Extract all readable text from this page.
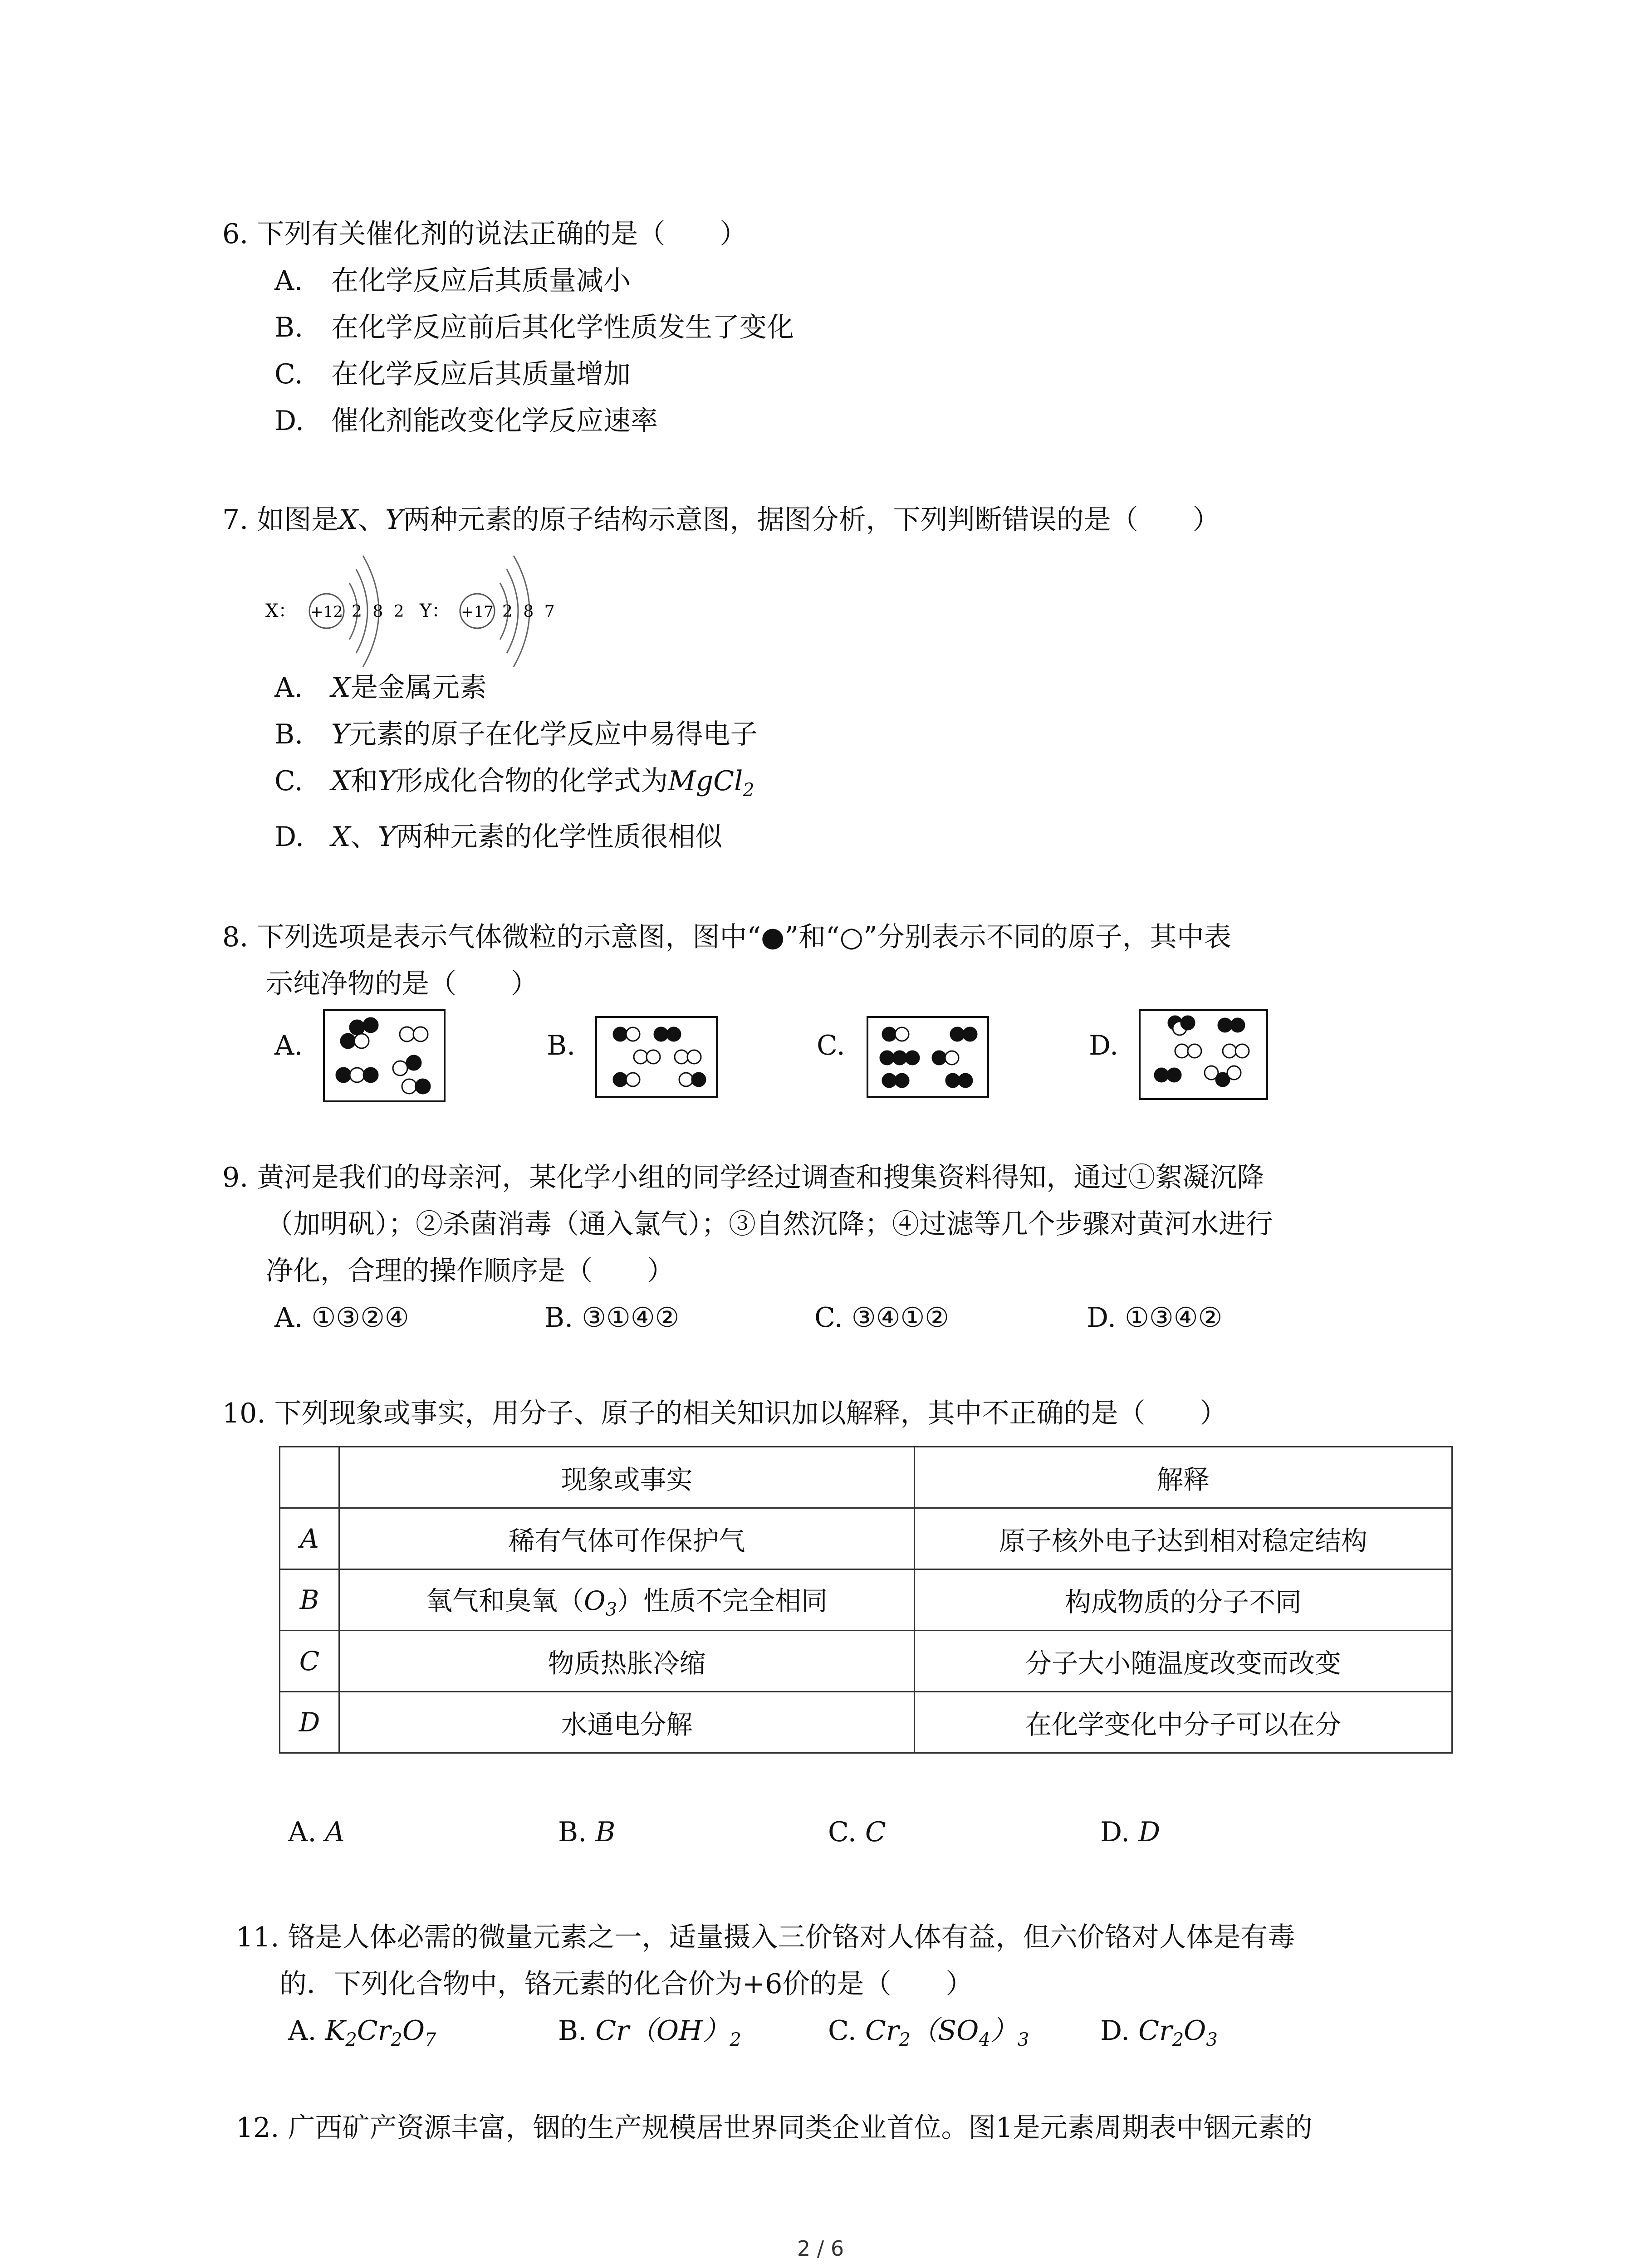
6. 下列有关催化剂的说法正确的是（　　）
A. 在化学反应后其质量减小
B. 在化学反应前后其化学性质发生了变化
C. 在化学反应后其质量增加
D. 催化剂能改变化学反应速率
7. 如图是X、Y两种元素的原子结构示意图，据图分析，下列判断错误的是（　　）
X： +12 2 8 2 Y： +17 2 8 7
A. X是金属元素
B. Y元素的原子在化学反应中易得电子
C. X和Y形成化合物的化学式为MgCl$_2$
D. X、Y两种元素的化学性质很相似
8. 下列选项是表示气体微粒的示意图，图中“●”和“○”分别表示不同的原子，其中表
示纯净物的是（　　）
A.	B.	C.	D.
9. 黄河是我们的母亲河，某化学小组的同学经过调查和搜集资料得知，通过①絮凝沉降
（加明矾）；②杀菌消毒（通入氯气）；③自然沉降；④过滤等几个步骤对黄河水进行
净化，合理的操作顺序是（　　）
A. ①③②④	B. ③①④②	C. ③④①②	D. ①③④②
10. 下列现象或事实，用分子、原子的相关知识加以解释，其中不正确的是（　　）
	现象或事实	解释
A	稀有气体可作保护气	原子核外电子达到相对稳定结构
B	氧气和臭氧$(O_3)$性质不完全相同	构成物质的分子不同
C	物质热胀冷缩	分子大小随温度改变而改变
D	水通电分解	在化学变化中分子可以在分
A. A	B. B	C. C	D. D
11. 铬是人体必需的微量元素之一，适量摄入三价铬对人体有益，但六价铬对人体是有毒
的．下列化合物中，铬元素的化合价为+6价的是（　　）
A. $K_2Cr_2O_7$	B. $Cr(OH)_2$	C. $Cr_2(SO_4)_3$	D. $Cr_2O_3$
12. 广西矿产资源丰富，铟的生产规模居世界同类企业首位。图1是元素周期表中铟元素的
2 / 6
